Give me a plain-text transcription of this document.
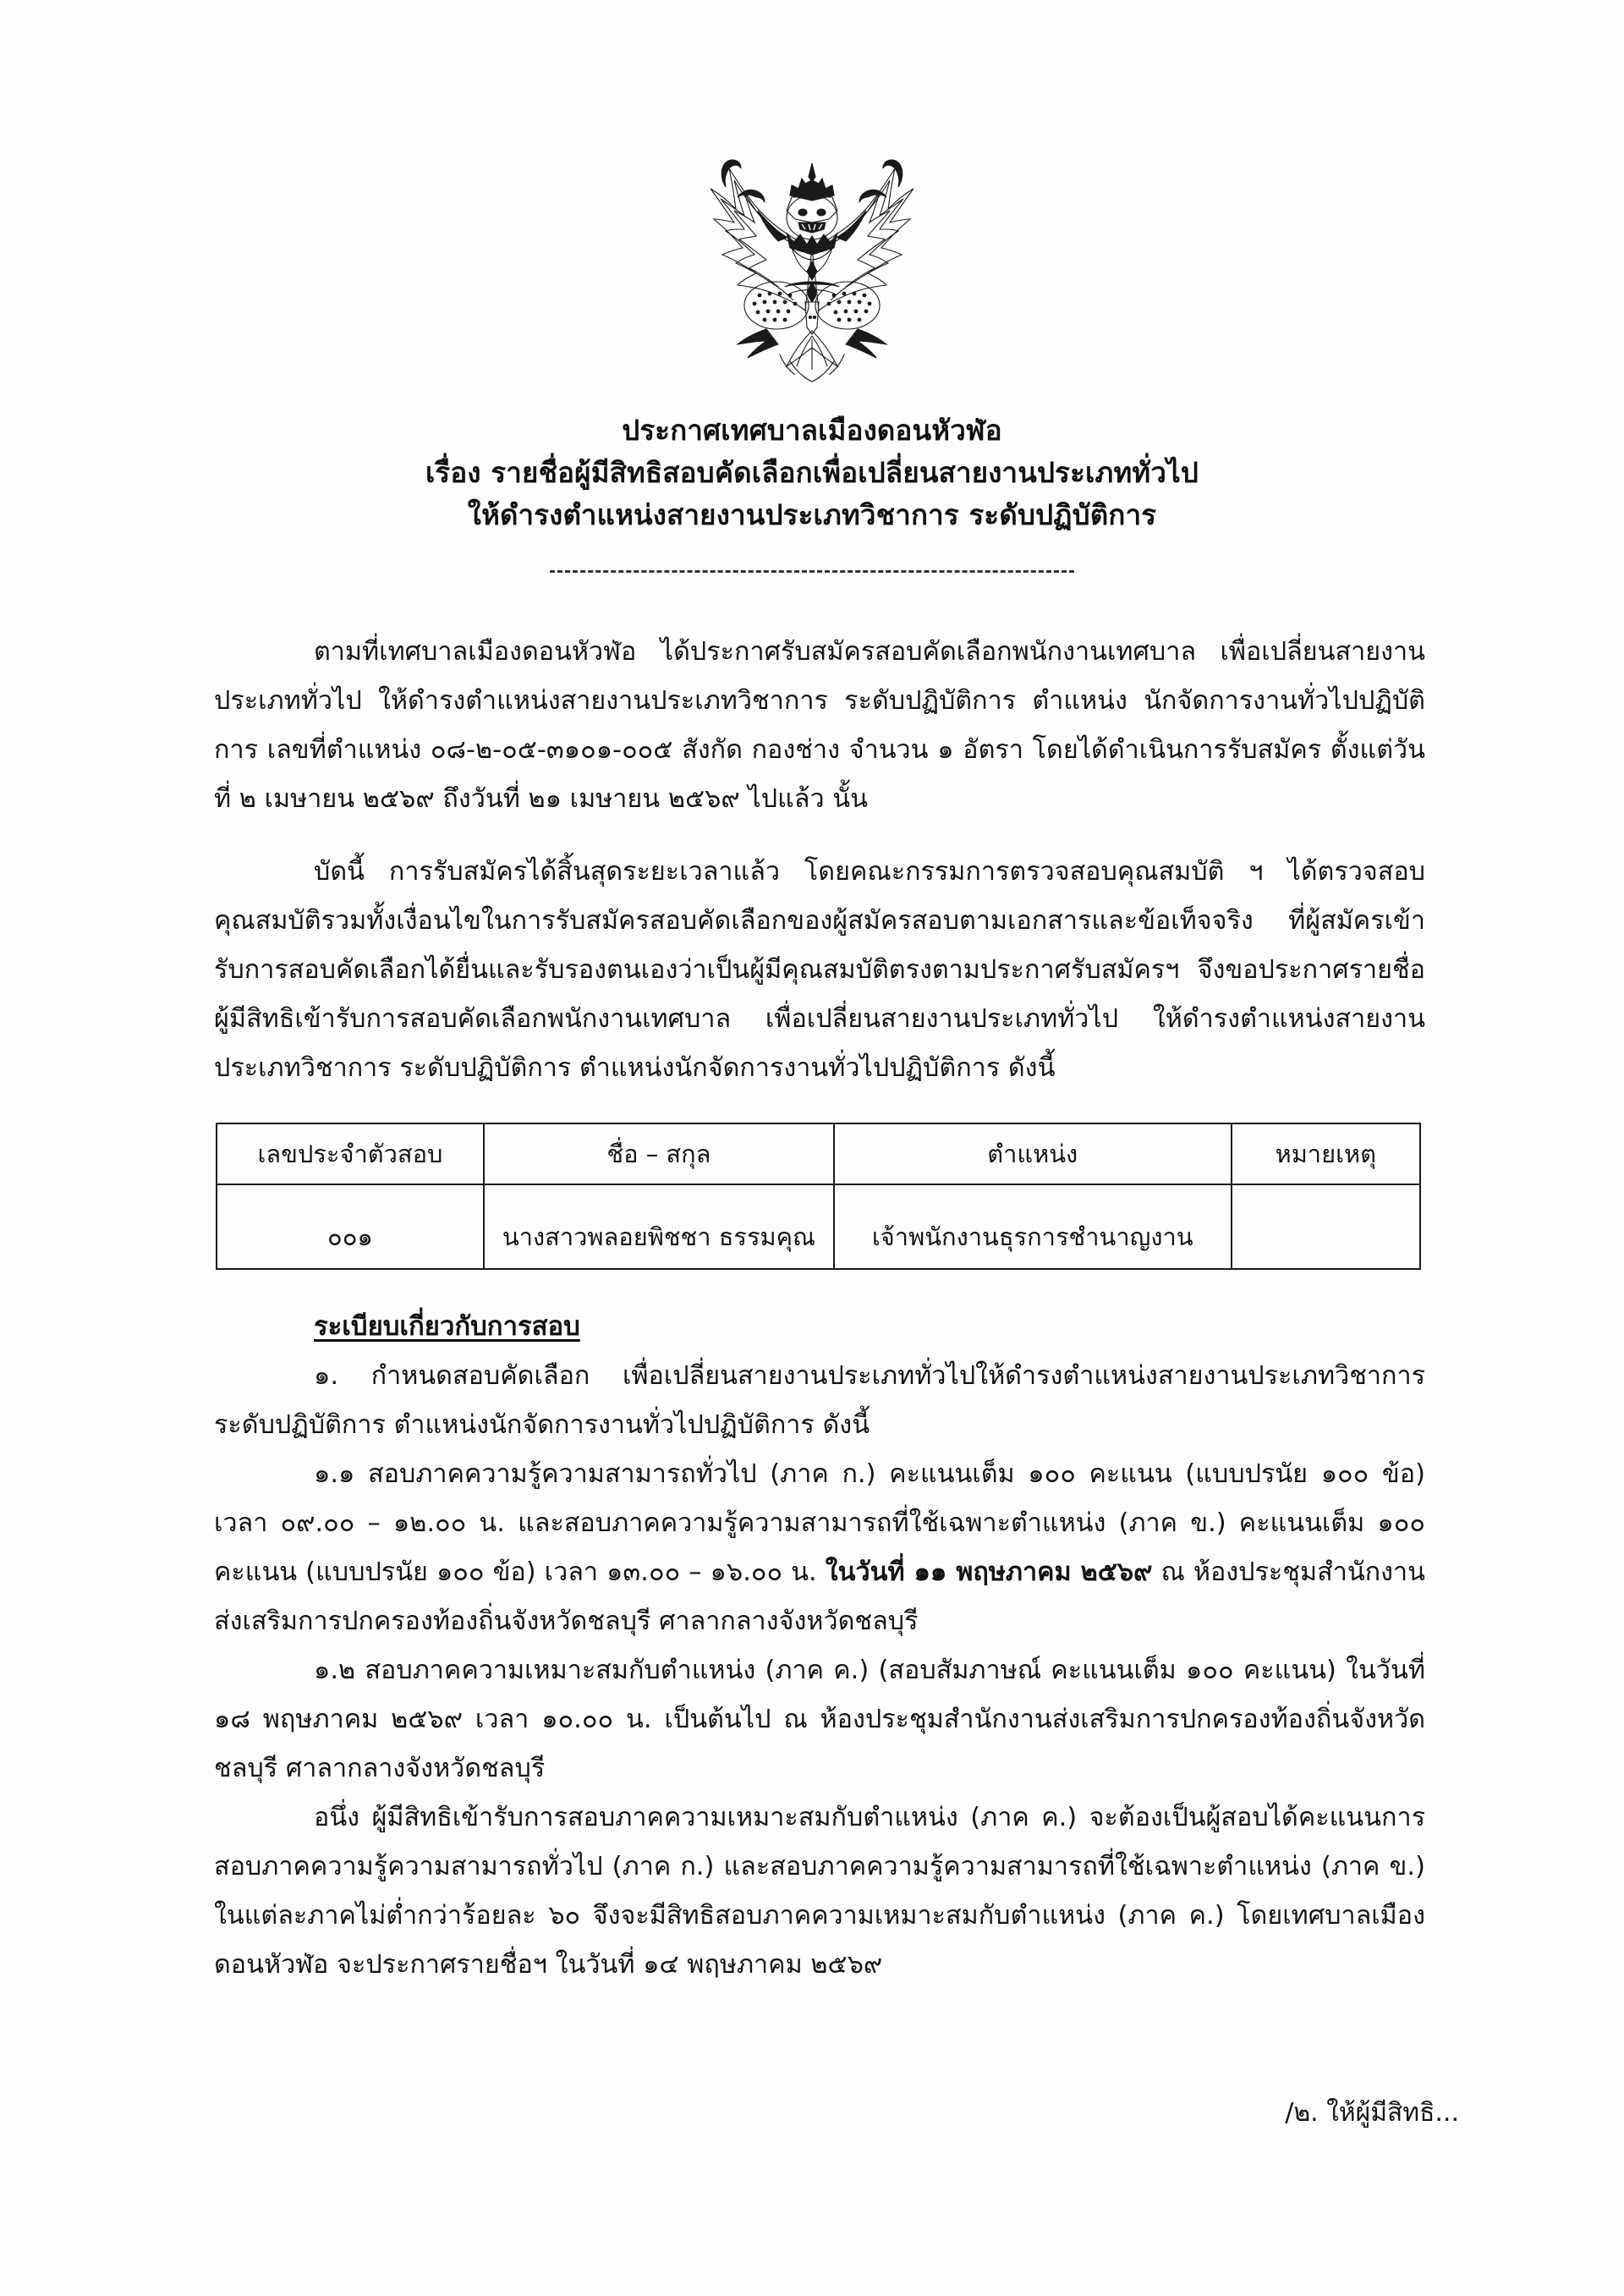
ประกาศเทศบาลเมืองดอนหัวฬ่อ
เรื่อง รายชื่อผู้มีสิทธิสอบคัดเลือกเพื่อเปลี่ยนสายงานประเภททั่วไป
ให้ดำรงตำแหน่งสายงานประเภทวิชาการ ระดับปฏิบัติการ

ตามที่เทศบาลเมืองดอนหัวฬ่อ ได้ประกาศรับสมัครสอบคัดเลือกพนักงานเทศบาล เพื่อเปลี่ยนสายงานประเภททั่วไป ให้ดำรงตำแหน่งสายงานประเภทวิชาการ ระดับปฏิบัติการ ตำแหน่ง นักจัดการงานทั่วไปปฏิบัติการ เลขที่ตำแหน่ง ๐๘-๒-๐๕-๓๑๐๑-๐๐๕ สังกัด กองช่าง จำนวน ๑ อัตรา โดยได้ดำเนินการรับสมัคร ตั้งแต่วันที่ ๒ เมษายน ๒๕๖๙ ถึงวันที่ ๒๑ เมษายน ๒๕๖๙ ไปแล้ว นั้น

บัดนี้ การรับสมัครได้สิ้นสุดระยะเวลาแล้ว โดยคณะกรรมการตรวจสอบคุณสมบัติ ฯ ได้ตรวจสอบคุณสมบัติรวมทั้งเงื่อนไขในการรับสมัครสอบคัดเลือกของผู้สมัครสอบตามเอกสารและข้อเท็จจริง ที่ผู้สมัครเข้ารับการสอบคัดเลือกได้ยื่นและรับรองตนเองว่าเป็นผู้มีคุณสมบัติตรงตามประกาศรับสมัครฯ จึงขอประกาศรายชื่อผู้มีสิทธิเข้ารับการสอบคัดเลือกพนักงานเทศบาล เพื่อเปลี่ยนสายงานประเภททั่วไป ให้ดำรงตำแหน่งสายงานประเภทวิชาการ ระดับปฏิบัติการ ตำแหน่งนักจัดการงานทั่วไปปฏิบัติการ ดังนี้

เลขประจำตัวสอบ	ชื่อ – สกุล	ตำแหน่ง	หมายเหตุ
๐๐๑	นางสาวพลอยพิชชา ธรรมคุณ	เจ้าพนักงานธุรการชำนาญงาน	
ระเบียบเกี่ยวกับการสอบ

๑. กำหนดสอบคัดเลือก เพื่อเปลี่ยนสายงานประเภททั่วไปให้ดำรงตำแหน่งสายงานประเภทวิชาการ ระดับปฏิบัติการ ตำแหน่งนักจัดการงานทั่วไปปฏิบัติการ ดังนี้

๑.๑ สอบภาคความรู้ความสามารถทั่วไป (ภาค ก.) คะแนนเต็ม ๑๐๐ คะแนน (แบบปรนัย ๑๐๐ ข้อ) เวลา ๐๙.๐๐ – ๑๒.๐๐ น. และสอบภาคความรู้ความสามารถที่ใช้เฉพาะตำแหน่ง (ภาค ข.) คะแนนเต็ม ๑๐๐ คะแนน (แบบปรนัย ๑๐๐ ข้อ) เวลา ๑๓.๐๐ – ๑๖.๐๐ น. ในวันที่ ๑๑ พฤษภาคม ๒๕๖๙ ณ ห้องประชุมสำนักงานส่งเสริมการปกครองท้องถิ่นจังหวัดชลบุรี ศาลากลางจังหวัดชลบุรี

๑.๒ สอบภาคความเหมาะสมกับตำแหน่ง (ภาค ค.) (สอบสัมภาษณ์ คะแนนเต็ม ๑๐๐ คะแนน) ในวันที่ ๑๘ พฤษภาคม ๒๕๖๙ เวลา ๑๐.๐๐ น. เป็นต้นไป ณ ห้องประชุมสำนักงานส่งเสริมการปกครองท้องถิ่นจังหวัดชลบุรี ศาลากลางจังหวัดชลบุรี

อนึ่ง ผู้มีสิทธิเข้ารับการสอบภาคความเหมาะสมกับตำแหน่ง (ภาค ค.) จะต้องเป็นผู้สอบได้คะแนนการสอบภาคความรู้ความสามารถทั่วไป (ภาค ก.) และสอบภาคความรู้ความสามารถที่ใช้เฉพาะตำแหน่ง (ภาค ข.) ในแต่ละภาคไม่ต่ำกว่าร้อยละ ๖๐ จึงจะมีสิทธิสอบภาคความเหมาะสมกับตำแหน่ง (ภาค ค.) โดยเทศบาลเมืองดอนหัวฬ่อ จะประกาศรายชื่อฯ ในวันที่ ๑๔ พฤษภาคม ๒๕๖๙

/๒. ให้ผู้มีสิทธิ...
